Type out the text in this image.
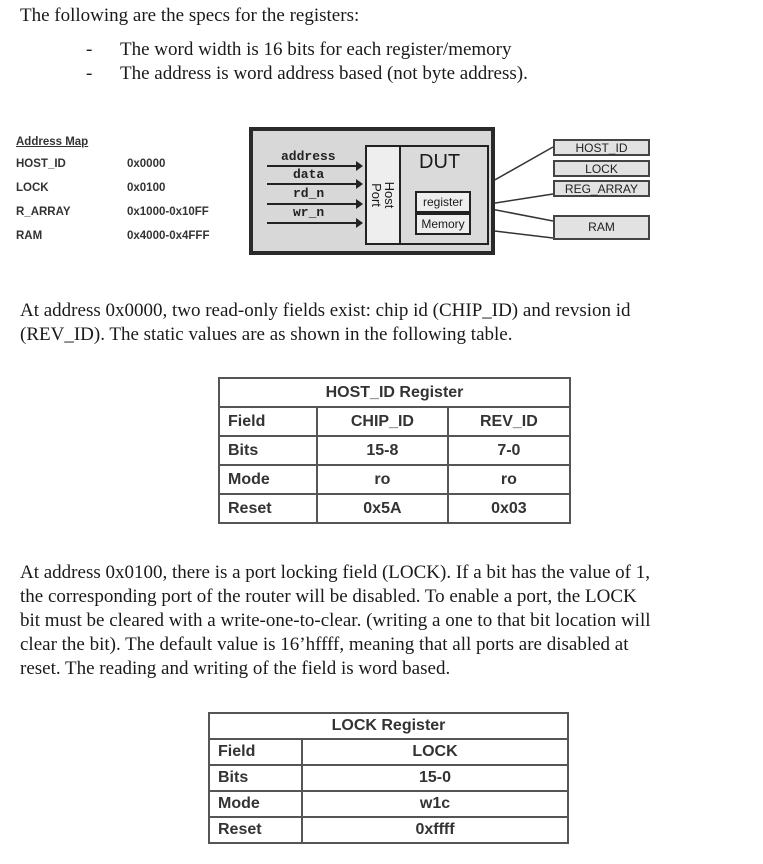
The following are the specs for the registers:
- The word width is 16 bits for each register/memory
- The address is word address based (not byte address).
Address Map
HOST_ID	0x0000
LOCK	0x0100
R_ARRAY	0x1000-0x10FF
RAM	0x4000-0x4FFF
address
data
rd_n
wr_n
Host
Port
DUT
register
Memory
HOST_ID
LOCK
REG_ARRAY
RAM
At address 0x0000, two read-only fields exist: chip id (CHIP_ID) and revsion id
(REV_ID). The static values are as shown in the following table.
HOST_ID Register		
Field	CHIP_ID	REV_ID
Bits	15-8	7-0
Mode	ro	ro
Reset	0x5A	0x03
At address 0x0100, there is a port locking field (LOCK). If a bit has the value of 1,
the corresponding port of the router will be disabled. To enable a port, the LOCK
bit must be cleared with a write-one-to-clear. (writing a one to that bit location will
clear the bit). The default value is 16’hffff, meaning that all ports are disabled at
reset. The reading and writing of the field is word based.
LOCK Register	
Field	LOCK
Bits	15-0
Mode	w1c
Reset	0xffff
